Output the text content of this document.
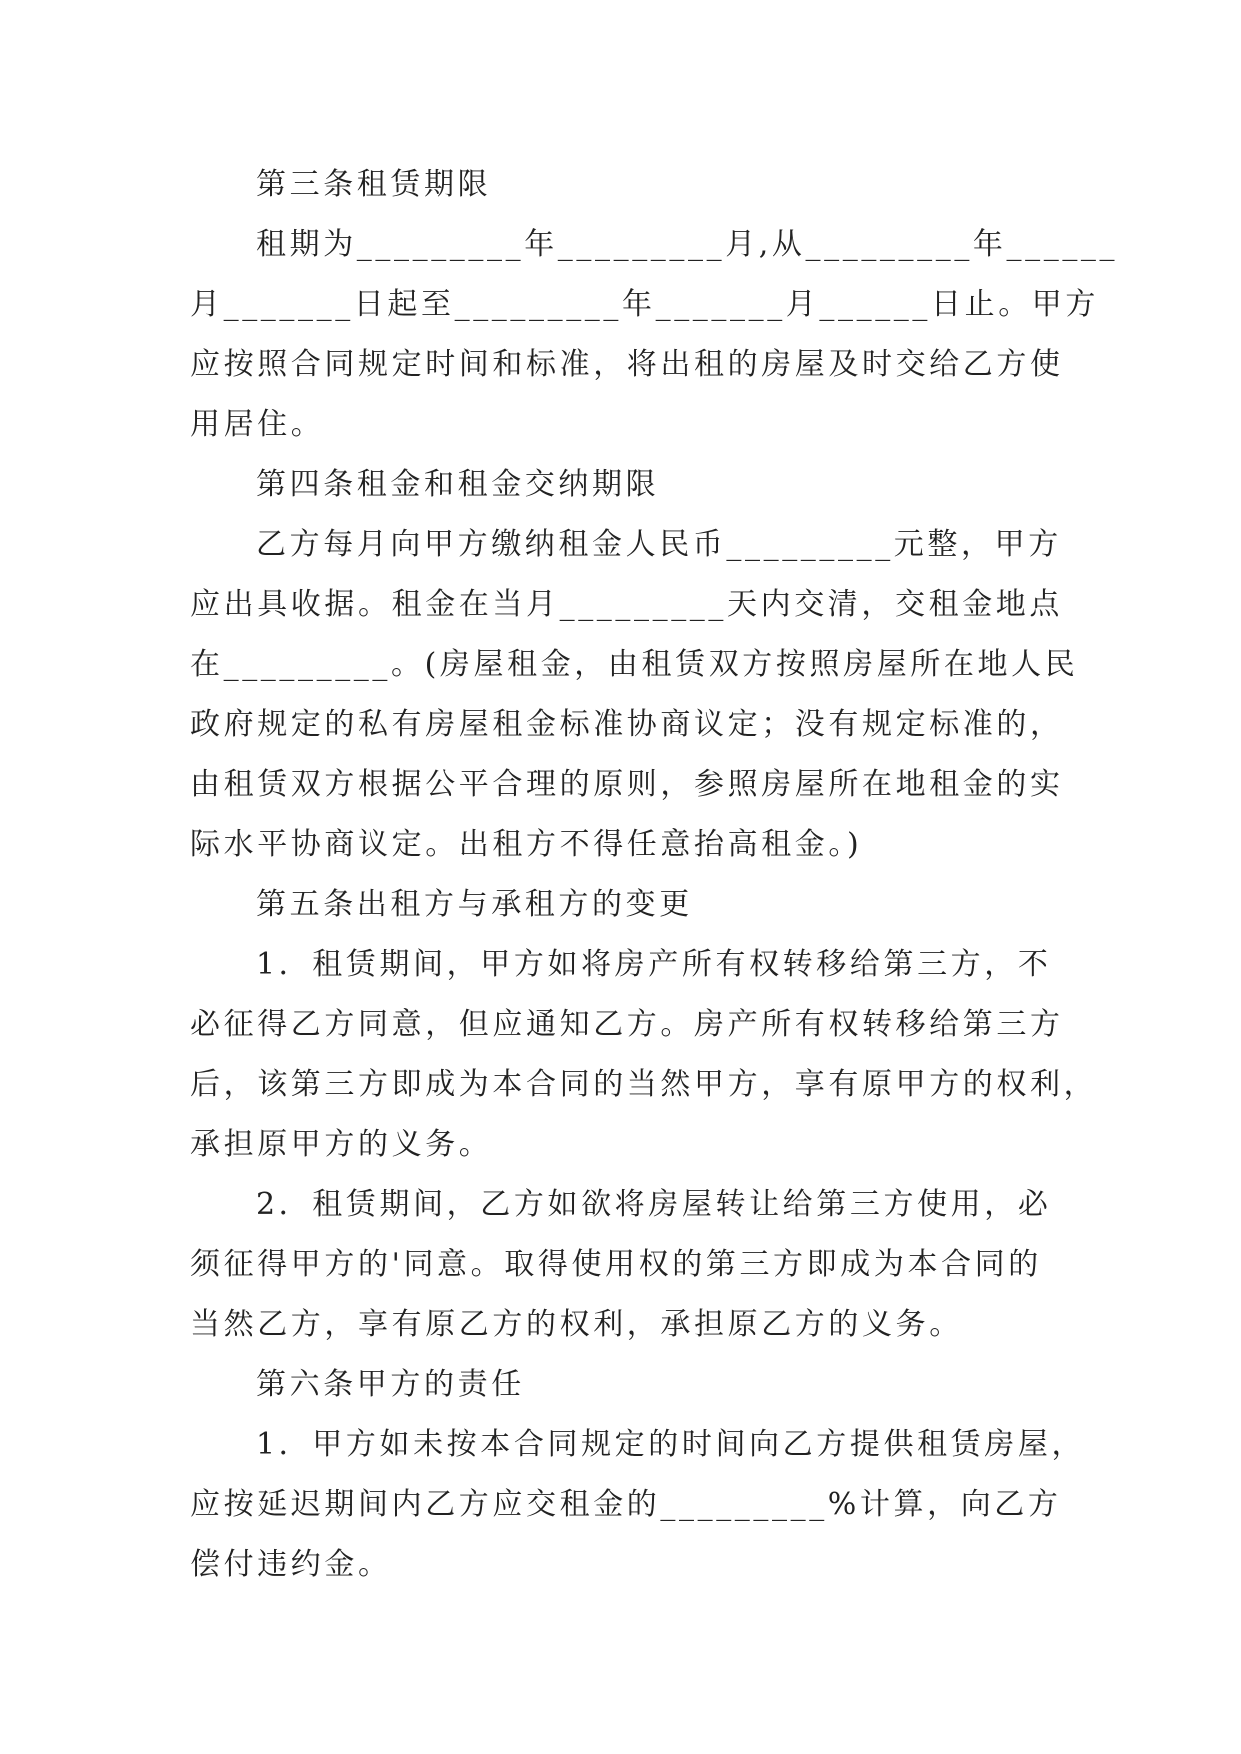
第三条租赁期限
租期为_________年_________月,从_________年______
月_______日起至_________年_______月______日止。甲方
应按照合同规定时间和标准，将出租的房屋及时交给乙方使
用居住。
第四条租金和租金交纳期限
乙方每月向甲方缴纳租金人民币_________元整，甲方
应出具收据。租金在当月_________天内交清，交租金地点
在_________。(房屋租金，由租赁双方按照房屋所在地人民
政府规定的私有房屋租金标准协商议定；没有规定标准的，
由租赁双方根据公平合理的原则，参照房屋所在地租金的实
际水平协商议定。出租方不得任意抬高租金。)
第五条出租方与承租方的变更
1．租赁期间，甲方如将房产所有权转移给第三方，不
必征得乙方同意，但应通知乙方。房产所有权转移给第三方
后，该第三方即成为本合同的当然甲方，享有原甲方的权利，
承担原甲方的义务。
2．租赁期间，乙方如欲将房屋转让给第三方使用，必
须征得甲方的'同意。取得使用权的第三方即成为本合同的
当然乙方，享有原乙方的权利，承担原乙方的义务。
第六条甲方的责任
1．甲方如未按本合同规定的时间向乙方提供租赁房屋，
应按延迟期间内乙方应交租金的_________%计算，向乙方
偿付违约金。
